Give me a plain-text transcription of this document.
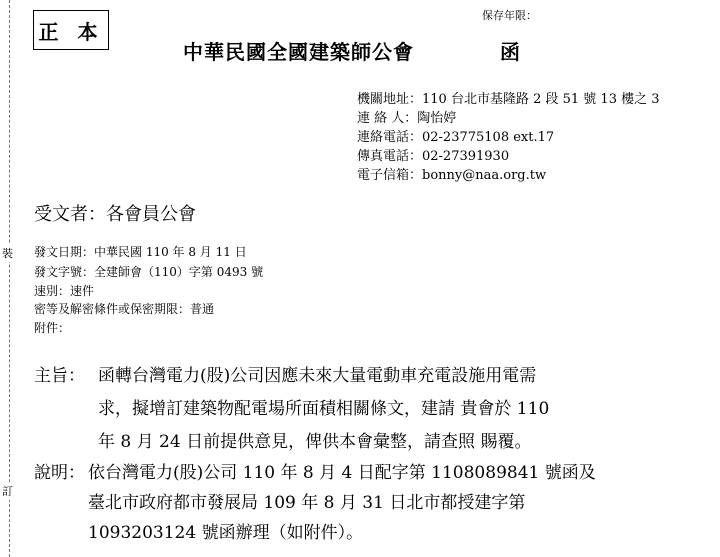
裝
訂
正 本
保存年限：
中華民國全國建築師公會	函
機關地址：110 台北市基隆路 2 段 51 號 13 樓之 3
連 絡 人：陶怡婷
連絡電話：02-23775108 ext.17
傳真電話：02-27391930
電子信箱：bonny@naa.org.tw
受文者：各會員公會
發文日期：中華民國 110 年 8 月 11 日
發文字號：全建師會（110）字第 0493 號
速別：速件
密等及解密條件或保密期限：普通
附件：
主旨： 函轉台灣電力(股)公司因應未來大量電動車充電設施用電需
求，擬增訂建築物配電場所面積相關條文，建請 貴會於 110
年 8 月 24 日前提供意見，俾供本會彙整，請查照 賜覆。
說明： 依台灣電力(股)公司 110 年 8 月 4 日配字第 1108089841 號函及
臺北市政府都市發展局 109 年 8 月 31 日北市都授建字第
1093203124 號函辦理（如附件）。
